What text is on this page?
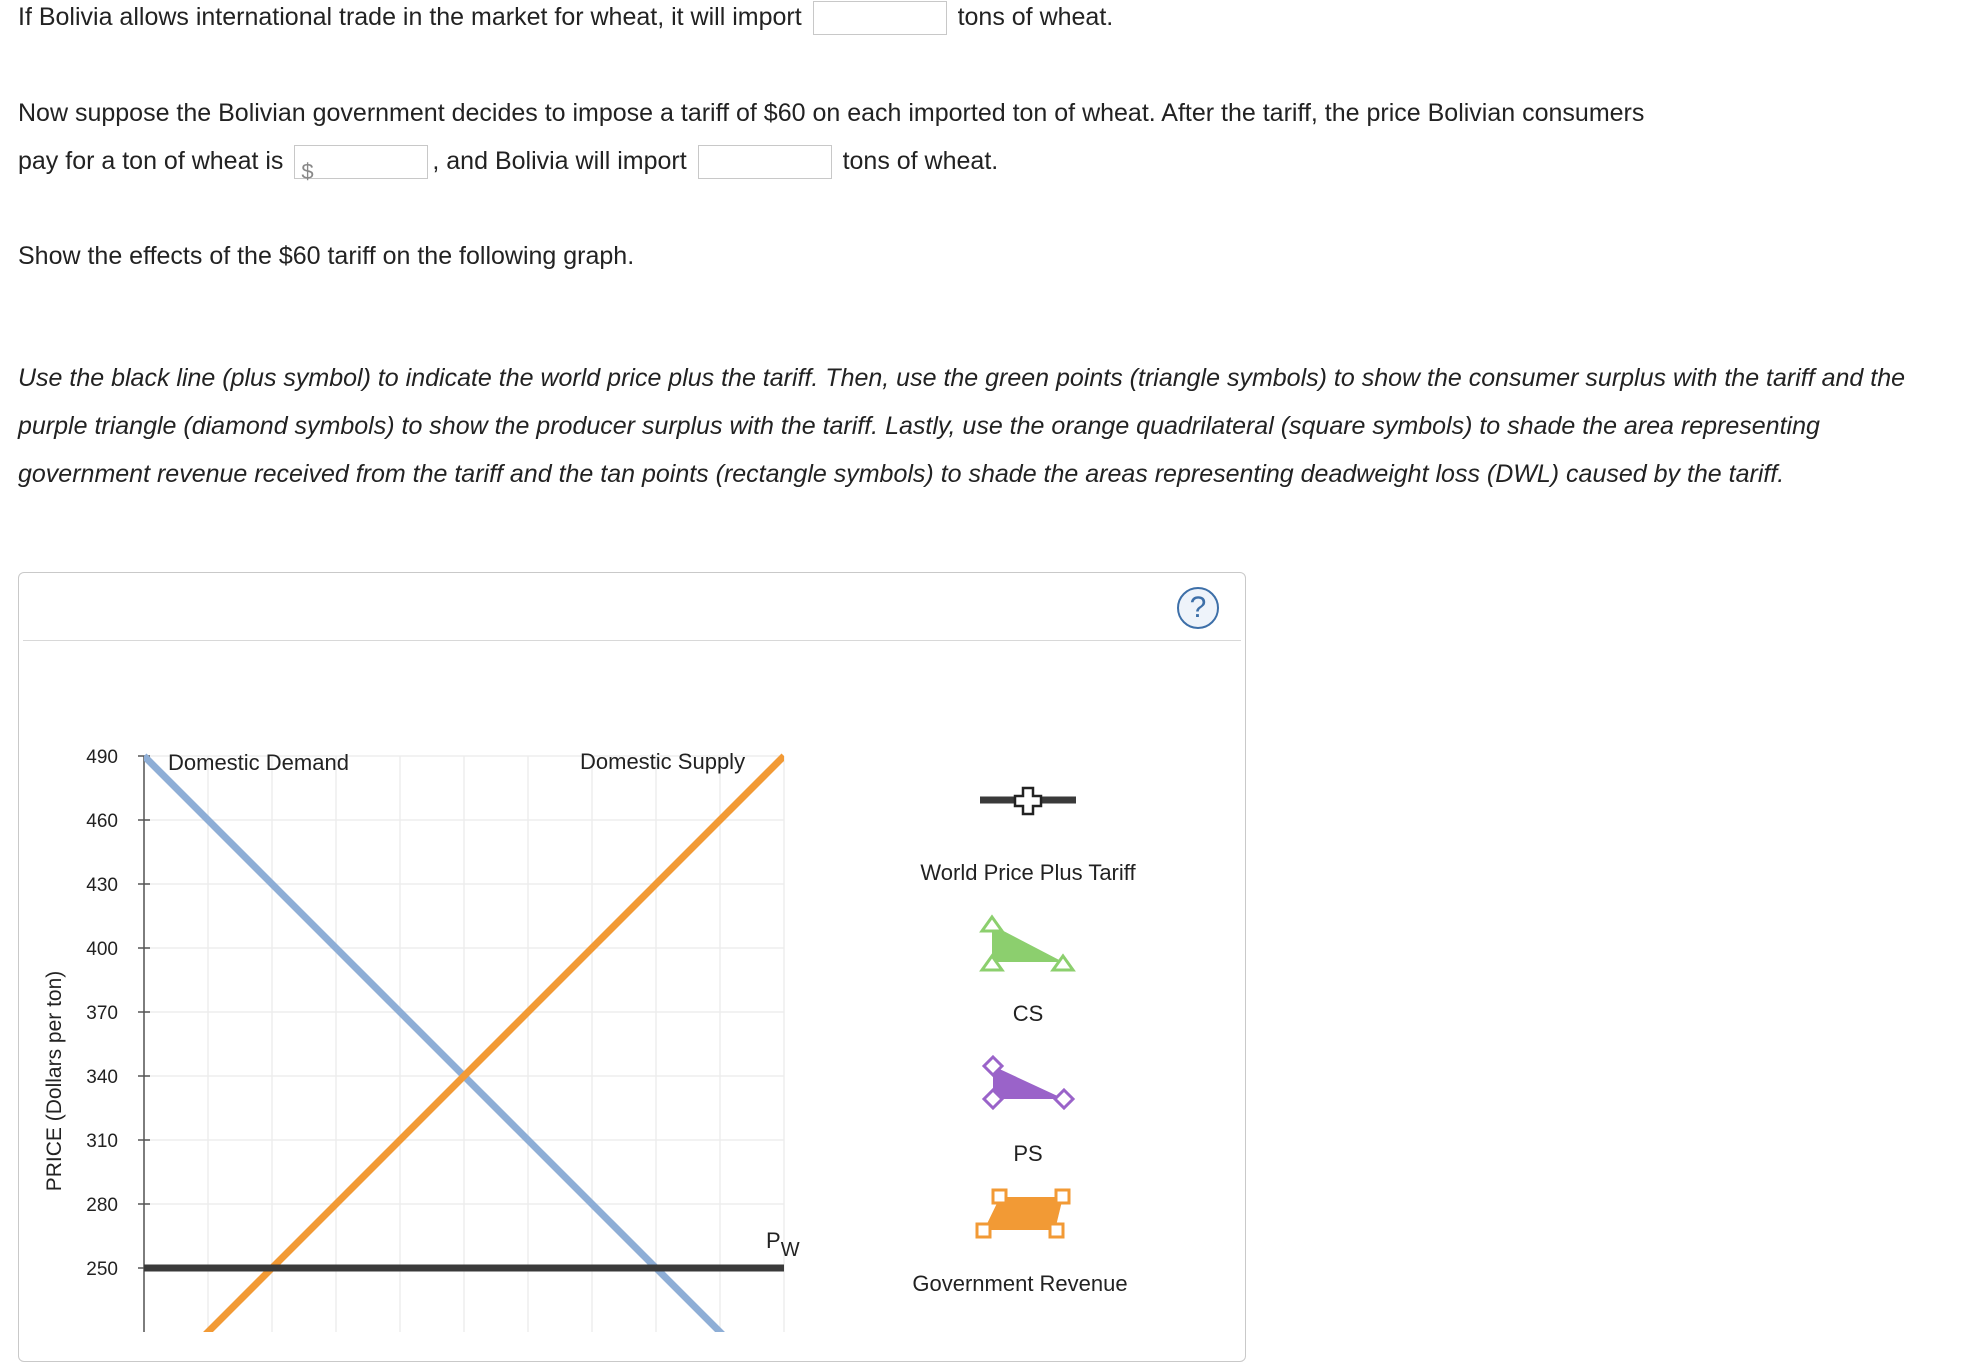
If Bolivia allows international trade in the market for wheat, it will import	tons of wheat.
Now suppose the Bolivian government decides to impose a tariff of $60 on each imported ton of wheat. After the tariff, the price Bolivian consumers
pay for a ton of wheat is $	, and Bolivia will import	tons of wheat.
Show the effects of the $60 tariff on the following graph.
Use the black line (plus symbol) to indicate the world price plus the tariff. Then, use the green points (triangle symbols) to show the consumer surplus with the tariff and the purple triangle (diamond symbols) to show the producer surplus with the tariff. Lastly, use the orange quadrilateral (square symbols) to shade the area representing government revenue received from the tariff and the tan points (rectangle symbols) to shade the areas representing deadweight loss (DWL) caused by the tariff.
?
PRICE (Dollars per ton)
250
280
310
340
370
400
430
460
490 Domestic Demand	Domestic Supply
PW
World Price Plus Tariff
CS
PS
Government Revenue
